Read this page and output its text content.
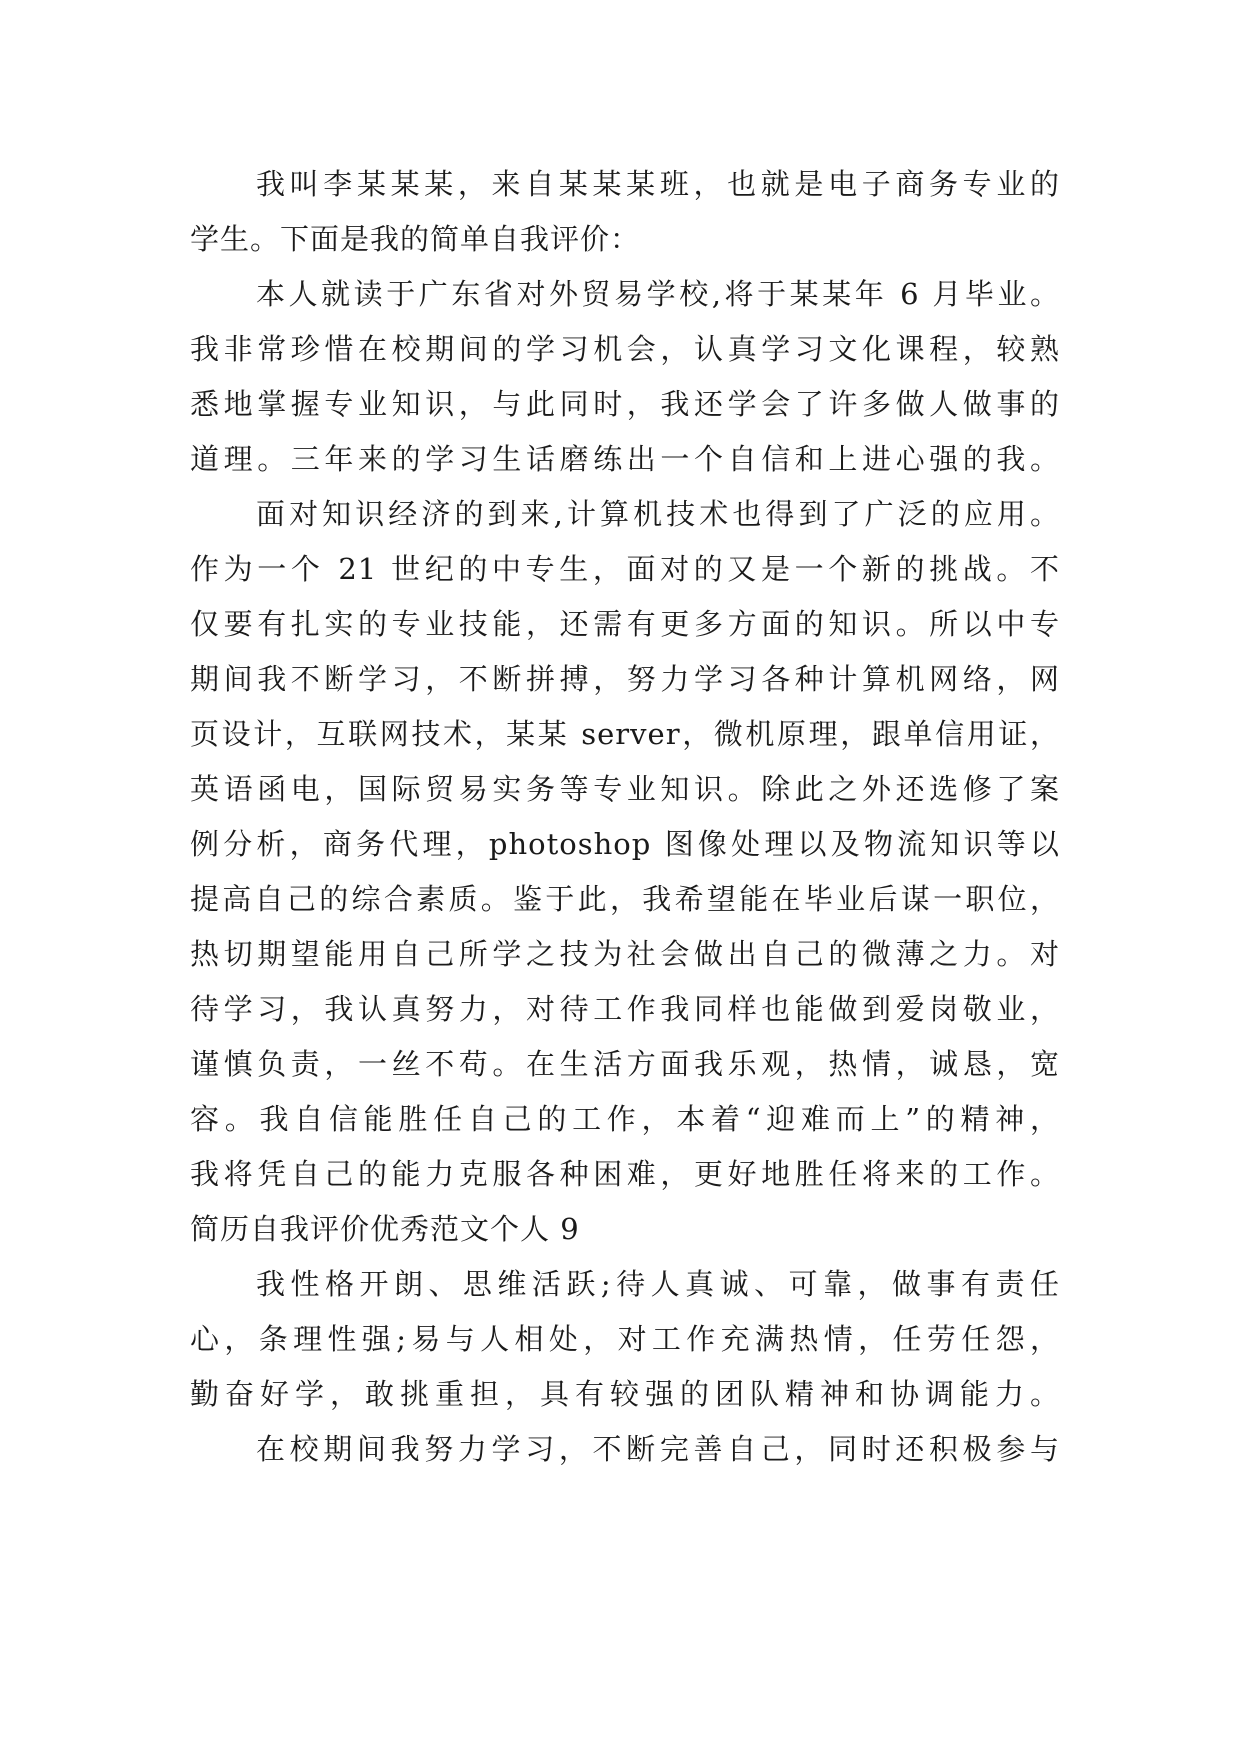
我叫李某某某，来自某某某班，也就是电子商务专业的
学生。下面是我的简单自我评价：
本人就读于广东省对外贸易学校,将于某某年 6 月毕业。
我非常珍惜在校期间的学习机会，认真学习文化课程，较熟
悉地掌握专业知识，与此同时，我还学会了许多做人做事的
道理。三年来的学习生话磨练出一个自信和上进心强的我。
面对知识经济的到来,计算机技术也得到了广泛的应用。
作为一个 21 世纪的中专生，面对的又是一个新的挑战。不
仅要有扎实的专业技能，还需有更多方面的知识。所以中专
期间我不断学习，不断拼搏，努力学习各种计算机网络，网
页设计，互联网技术，某某 server，微机原理，跟单信用证，
英语函电，国际贸易实务等专业知识。除此之外还选修了案
例分析，商务代理，photoshop 图像处理以及物流知识等以
提高自己的综合素质。鉴于此，我希望能在毕业后谋一职位，
热切期望能用自己所学之技为社会做出自己的微薄之力。对
待学习，我认真努力，对待工作我同样也能做到爱岗敬业，
谨慎负责，一丝不苟。在生活方面我乐观，热情，诚恳，宽
容。我自信能胜任自己的工作，本着“迎难而上”的精神，
我将凭自己的能力克服各种困难，更好地胜任将来的工作。
简历自我评价优秀范文个人 9
我性格开朗、思维活跃;待人真诚、可靠，做事有责任
心，条理性强;易与人相处，对工作充满热情，任劳任怨，
勤奋好学，敢挑重担，具有较强的团队精神和协调能力。
在校期间我努力学习，不断完善自己，同时还积极参与
